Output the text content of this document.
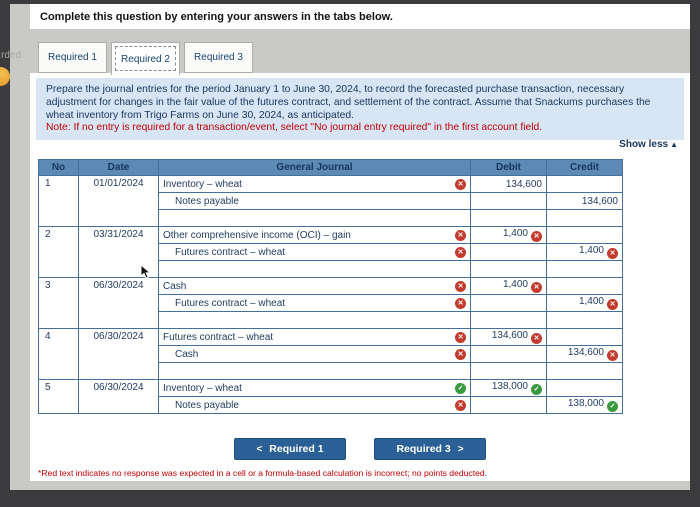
rded
Complete this question by entering your answers in the tabs below.
Required 1	Required 2	Required 3
Prepare the journal entries for the period January 1 to June 30, 2024, to record the forecasted purchase transaction, necessary adjustment for changes in the fair value of the futures contract, and settlement of the contract. Assume that Snackums purchases the wheat inventory from Trigo Farms on June 30, 2024, as anticipated.
Note: If no entry is required for a transaction/event, select "No journal entry required" in the first account field.
Show less ▲
No	Date	General Journal	Debit	Credit
1	01/01/2024	Inventory – wheat ✕	134,600	
		Notes payable		134,600

2	03/31/2024	Other comprehensive income (OCI) – gain ✕	1,400 ✕	
		Futures contract – wheat ✕		1,400 ✕

3	06/30/2024	Cash ✕	1,400 ✕	
		Futures contract – wheat ✕		1,400 ✕

4	06/30/2024	Futures contract – wheat ✕	134,600 ✕	
		Cash ✕		134,600 ✕

5	06/30/2024	Inventory – wheat ✓	138,000 ✓	
		Notes payable ✕		138,000 ✓
< Required 1	Required 3 >
*Red text indicates no response was expected in a cell or a formula-based calculation is incorrect; no points deducted.
